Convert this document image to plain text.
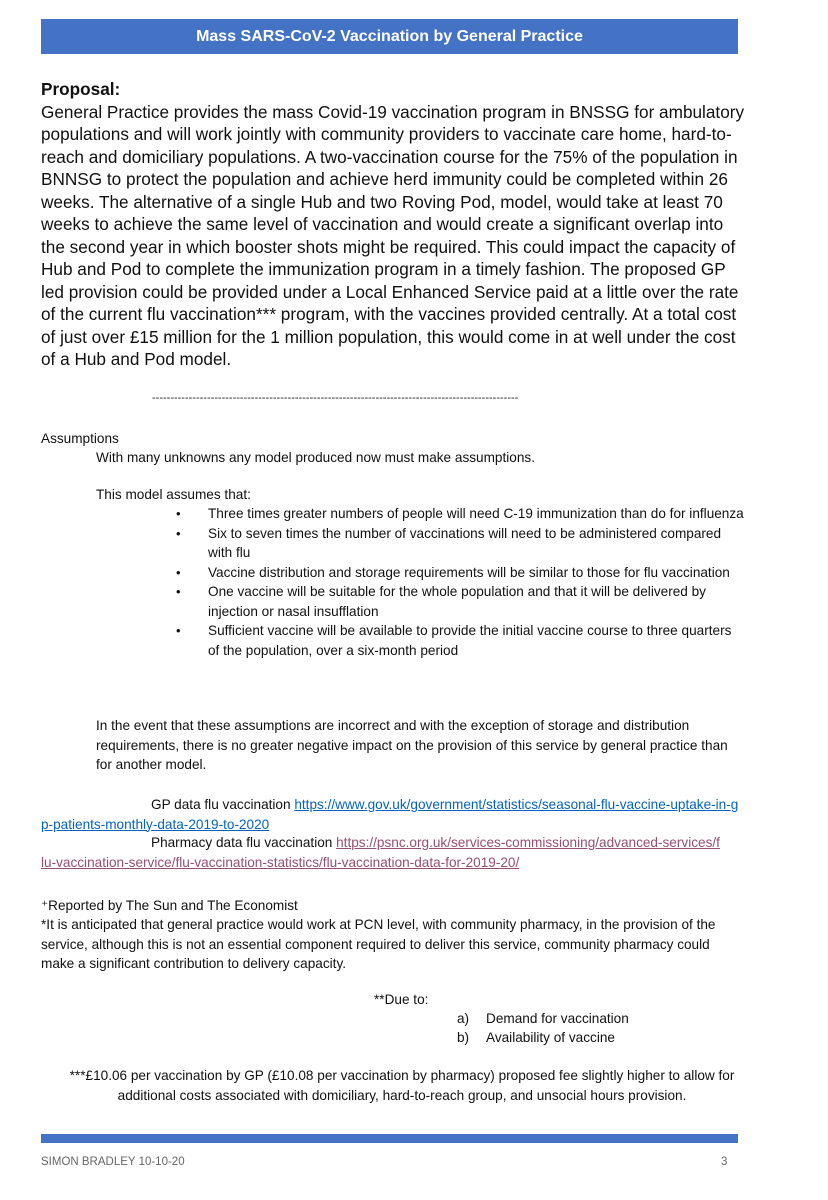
Mass SARS-CoV-2 Vaccination by General Practice
Proposal:
General Practice provides the mass Covid-19 vaccination program in BNSSG for ambulatory populations and will work jointly with community providers to vaccinate care home, hard-to-reach and domiciliary populations. A two-vaccination course for the 75% of the population in BNNSG to protect the population and achieve herd immunity could be completed within 26 weeks. The alternative of a single Hub and two Roving Pod, model, would take at least 70 weeks to achieve the same level of vaccination and would create a significant overlap into the second year in which booster shots might be required. This could impact the capacity of Hub and Pod to complete the immunization program in a timely fashion. The proposed GP led provision could be provided under a Local Enhanced Service paid at a little over the rate of the current flu vaccination*** program, with the vaccines provided centrally. At a total cost of just over £15 million for the 1 million population, this would come in at well under the cost of a Hub and Pod model.
----------------------------------------------------------------------------------------------------
Assumptions
With many unknowns any model produced now must make assumptions.
This model assumes that:
• Three times greater numbers of people will need C-19 immunization than do for influenza
• Six to seven times the number of vaccinations will need to be administered compared with flu
• Vaccine distribution and storage requirements will be similar to those for flu vaccination
• One vaccine will be suitable for the whole population and that it will be delivered by injection or nasal insufflation
• Sufficient vaccine will be available to provide the initial vaccine course to three quarters of the population, over a six-month period
In the event that these assumptions are incorrect and with the exception of storage and distribution requirements, there is no greater negative impact on the provision of this service by general practice than for another model.
GP data flu vaccination https://www.gov.uk/government/statistics/seasonal-flu-vaccine-uptake-in-gp-patients-monthly-data-2019-to-2020
Pharmacy data flu vaccination https://psnc.org.uk/services-commissioning/advanced-services/flu-vaccination-service/flu-vaccination-statistics/flu-vaccination-data-for-2019-20/
⁺Reported by The Sun and The Economist
*It is anticipated that general practice would work at PCN level, with community pharmacy, in the provision of the service, although this is not an essential component required to deliver this service, community pharmacy could make a significant contribution to delivery capacity.
**Due to:
a) Demand for vaccination
b) Availability of vaccine
***£10.06 per vaccination by GP (£10.08 per vaccination by pharmacy) proposed fee slightly higher to allow for additional costs associated with domiciliary, hard-to-reach group, and unsocial hours provision.
SIMON BRADLEY 10-10-20	3
